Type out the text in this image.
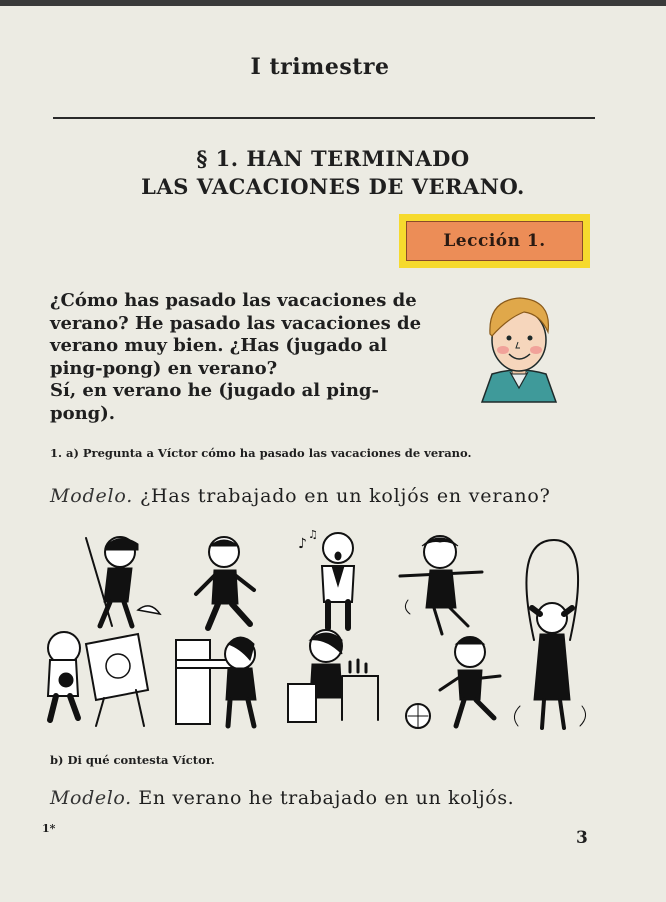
I trimestre
§ 1. HAN TERMINADO
LAS VACACIONES DE VERANO.
Lección 1.
¿Cómo has pasado las vacaciones de
verano? He pasado las vacaciones de
verano muy bien. ¿Has (jugado al
ping-pong) en verano?
Sí, en verano he (jugado al ping-
pong).
1. a) Pregunta a Víctor cómo ha pasado las vacaciones de verano.
Modelo. ¿Has trabajado en un koljós en verano?
♪
♫
b) Di qué contesta Víctor.
Modelo. En verano he trabajado en un koljós.
1*	3
